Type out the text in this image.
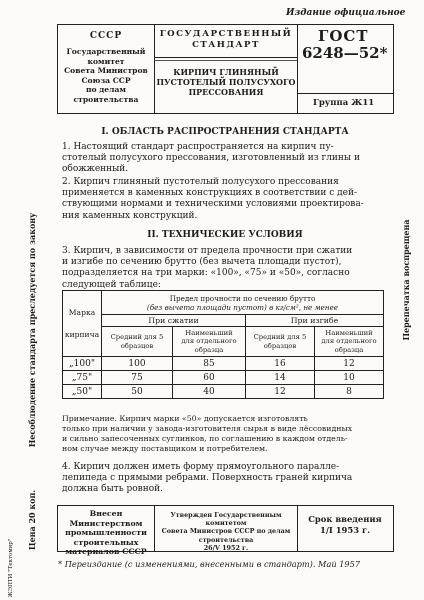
Издание официальное
СССР
Государственный
комитет
Совета Министров
Союза ССР
по делам
строительства
ГОСУДАРСТВЕННЫЙ
СТАНДАРТ
КИРПИЧ ГЛИНЯНЫЙ
ПУСТОТЕЛЫЙ ПОЛУСУХОГО
ПРЕССОВАНИЯ
ГОСТ
6248—52*
Группа Ж11
I. ОБЛАСТЬ РАСПРОСТРАНЕНИЯ СТАНДАРТА
1. Настоящий стандарт распространяется на кирпич пу-
стотелый полусухого прессования, изготовленный из глины и
обожженный.
2. Кирпич глиняный пустотелый полусухого прессования
применяется в каменных конструкциях в соответствии с дей-
ствующими нормами и техническими условиями проектирова-
ния каменных конструкций.
II. ТЕХНИЧЕСКИЕ УСЛОВИЯ
3. Кирпич, в зависимости от предела прочности при сжатии
и изгибе по сечению брутто (без вычета площади пустот),
подразделяется на три марки: «100», «75» и «50», согласно
следующей таблице:
Марка

кирпича	Предел прочности по сечению брутто
(без вычета площади пустот) в кг/см², не менее			

	При сжатии		При изгибе	

	Средний для 5
образцов	Наименьший
для отдельного
образца	Средний для 5
образцов	Наименьший
для отдельного
образца

„100"	100	85	16	12
„75"	75	60	14	10
„50"	50	40	12	8
Примечание. Кирпич марки «50» допускается изготовлять
только при наличии у завода-изготовителя сырья в виде лёссовидных
и сильно запесоченных суглинков, по соглашению в каждом отдель-
ном случае между поставщиком и потребителем.
4. Кирпич должен иметь форму прямоугольного паралле-
лепипеда с прямыми ребрами. Поверхность граней кирпича
должна быть ровной.
Внесен Министерством
промышленности
строительных
материалов СССР
Утвержден Государственным комитетом
Совета Министров СССР по делам
строительства
26/V 1952 г.
Срок введения
1/I 1953 г.
* Переиздание (с изменениями, внесенными в стандарт). Май 1957
Несоблюдение стандарта преследуется по закону
Цена 20 коп.
ЖЭПТИ "Тектомир"
Перепечатка воспрещена
